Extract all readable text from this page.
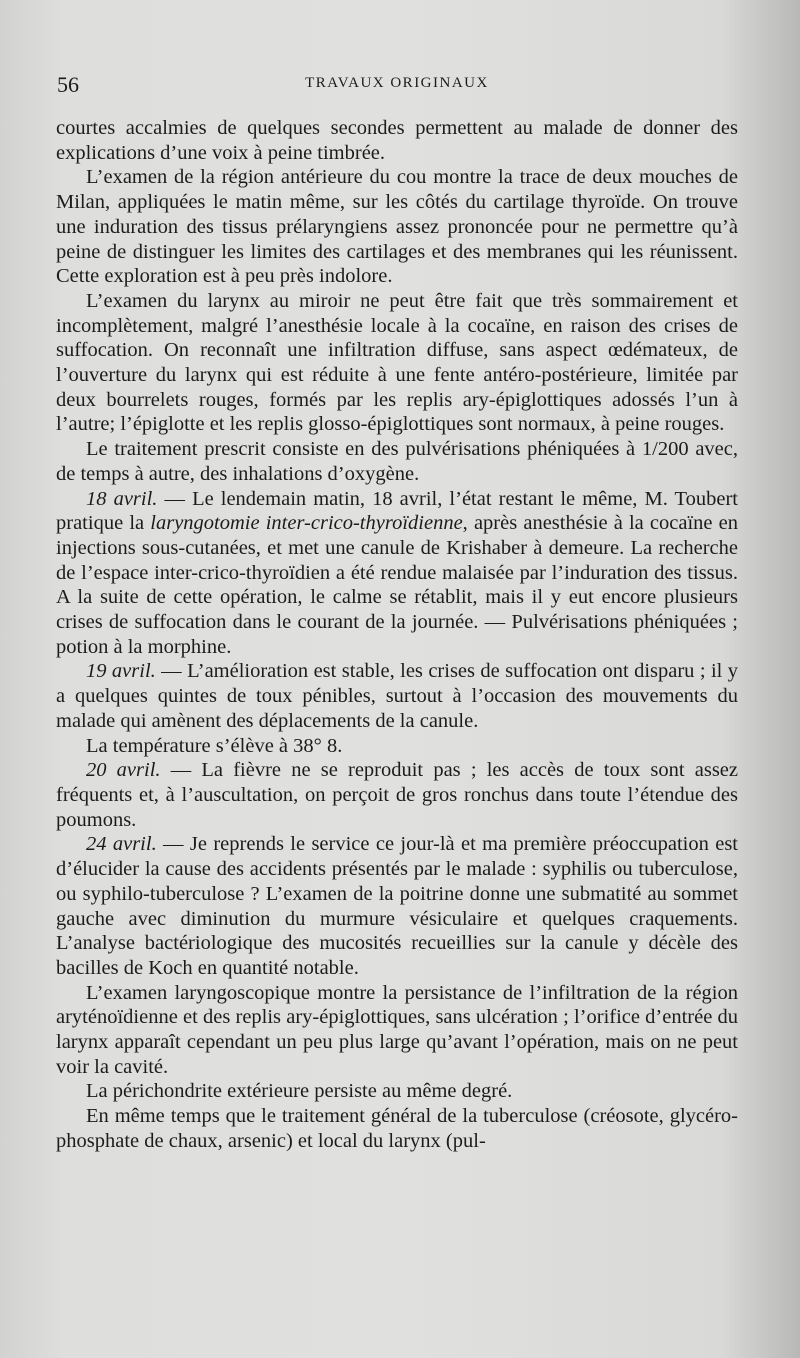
56	TRAVAUX ORIGINAUX

courtes accalmies de quelques secondes permettent au malade de donner des explications d’une voix à peine timbrée.

L’examen de la région antérieure du cou montre la trace de deux mouches de Milan, appliquées le matin même, sur les côtés du cartilage thyroïde. On trouve une induration des tissus prélaryngiens assez prononcée pour ne permettre qu’à peine de distinguer les limites des cartilages et des membranes qui les réunissent. Cette exploration est à peu près indolore.

L’examen du larynx au miroir ne peut être fait que très sommairement et incomplètement, malgré l’anesthésie locale à la cocaïne, en raison des crises de suffocation. On reconnaît une infiltration diffuse, sans aspect œdémateux, de l’ouverture du larynx qui est réduite à une fente antéro-postérieure, limitée par deux bourrelets rouges, formés par les replis ary-épiglottiques adossés l’un à l’autre; l’épiglotte et les replis glosso-épiglottiques sont normaux, à peine rouges.

Le traitement prescrit consiste en des pulvérisations phéniquées à 1/200 avec, de temps à autre, des inhalations d’oxygène.

18 avril. — Le lendemain matin, 18 avril, l’état restant le même, M. Toubert pratique la laryngotomie inter-crico-thyroïdienne, après anesthésie à la cocaïne en injections sous-cutanées, et met une canule de Krishaber à demeure. La recherche de l’espace inter-crico-thyroïdien a été rendue malaisée par l’induration des tissus. A la suite de cette opération, le calme se rétablit, mais il y eut encore plusieurs crises de suffocation dans le courant de la journée. — Pulvérisations phéniquées ; potion à la morphine.

19 avril. — L’amélioration est stable, les crises de suffocation ont disparu ; il y a quelques quintes de toux pénibles, surtout à l’occasion des mouvements du malade qui amènent des déplacements de la canule.

La température s’élève à 38° 8.

20 avril. — La fièvre ne se reproduit pas ; les accès de toux sont assez fréquents et, à l’auscultation, on perçoit de gros ronchus dans toute l’étendue des poumons.

24 avril. — Je reprends le service ce jour-là et ma première préoccupation est d’élucider la cause des accidents présentés par le malade : syphilis ou tuberculose, ou syphilo-tuberculose ? L’examen de la poitrine donne une submatité au sommet gauche avec diminution du murmure vésiculaire et quelques craquements. L’analyse bactériologique des mucosités recueillies sur la canule y décèle des bacilles de Koch en quantité notable.

L’examen laryngoscopique montre la persistance de l’infiltration de la région aryténoïdienne et des replis ary-épiglottiques, sans ulcération ; l’orifice d’entrée du larynx apparaît cependant un peu plus large qu’avant l’opération, mais on ne peut voir la cavité.

La périchondrite extérieure persiste au même degré.

En même temps que le traitement général de la tuberculose (créosote, glycéro-phosphate de chaux, arsenic) et local du larynx (pul-
